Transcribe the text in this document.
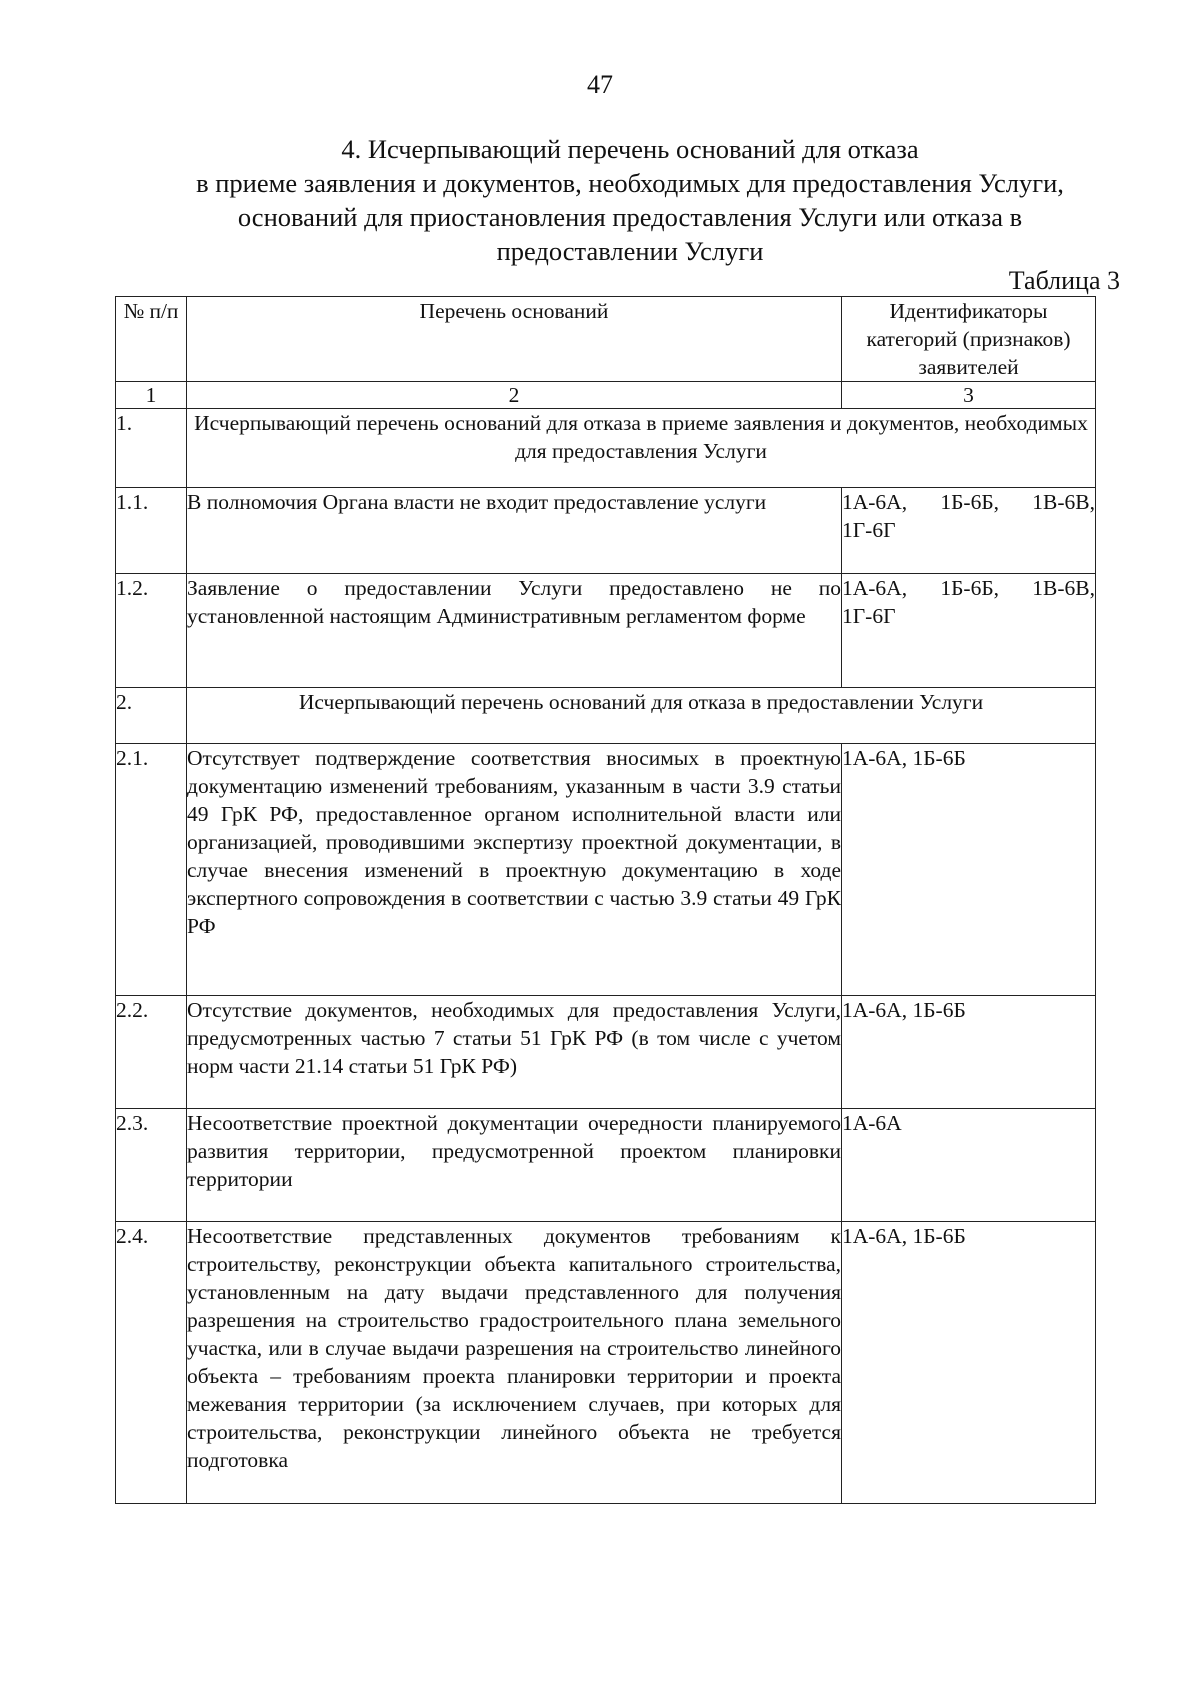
47
4. Исчерпывающий перечень оснований для отказа
в приеме заявления и документов, необходимых для предоставления Услуги,
оснований для приостановления предоставления Услуги или отказа в
предоставлении Услуги
Таблица 3
№ п/п	Перечень оснований	Идентификаторы категорий (признаков) заявителей
1	2	3
1.	Исчерпывающий перечень оснований для отказа в приеме заявления и документов, необходимых для предоставления Услуги	
1.1.	В полномочия Органа власти не входит предоставление услуги	1А-6А, 1Б-6Б, 1В-6В, 1Г-6Г
1.2.	Заявление о предоставлении Услуги предоставлено не по установленной настоящим Административным регламентом форме	1А-6А, 1Б-6Б, 1В-6В, 1Г-6Г
2.	Исчерпывающий перечень оснований для отказа в предоставлении Услуги	
2.1.	Отсутствует подтверждение соответствия вносимых в проектную документацию изменений требованиям, указанным в части 3.9 статьи 49 ГрК РФ, предоставленное органом исполнительной власти или организацией, проводившими экспертизу проектной документации, в случае внесения изменений в проектную документацию в ходе экспертного сопровождения в соответствии с частью 3.9 статьи 49 ГрК РФ	1А-6А, 1Б-6Б
2.2.	Отсутствие документов, необходимых для предоставления Услуги, предусмотренных частью 7 статьи 51 ГрК РФ (в том числе с учетом норм части 21.14 статьи 51 ГрК РФ)	1А-6А, 1Б-6Б
2.3.	Несоответствие проектной документации очередности планируемого развития территории, предусмотренной проектом планировки территории	1А-6А
2.4.	Несоответствие представленных документов требованиям к строительству, реконструкции объекта капитального строительства, установленным на дату выдачи представленного для получения разрешения на строительство градостроительного плана земельного участка, или в случае выдачи разрешения на строительство линейного объекта – требованиям проекта планировки территории и проекта межевания территории (за исключением случаев, при которых для строительства, реконструкции линейного объекта не требуется подготовка	1А-6А, 1Б-6Б
